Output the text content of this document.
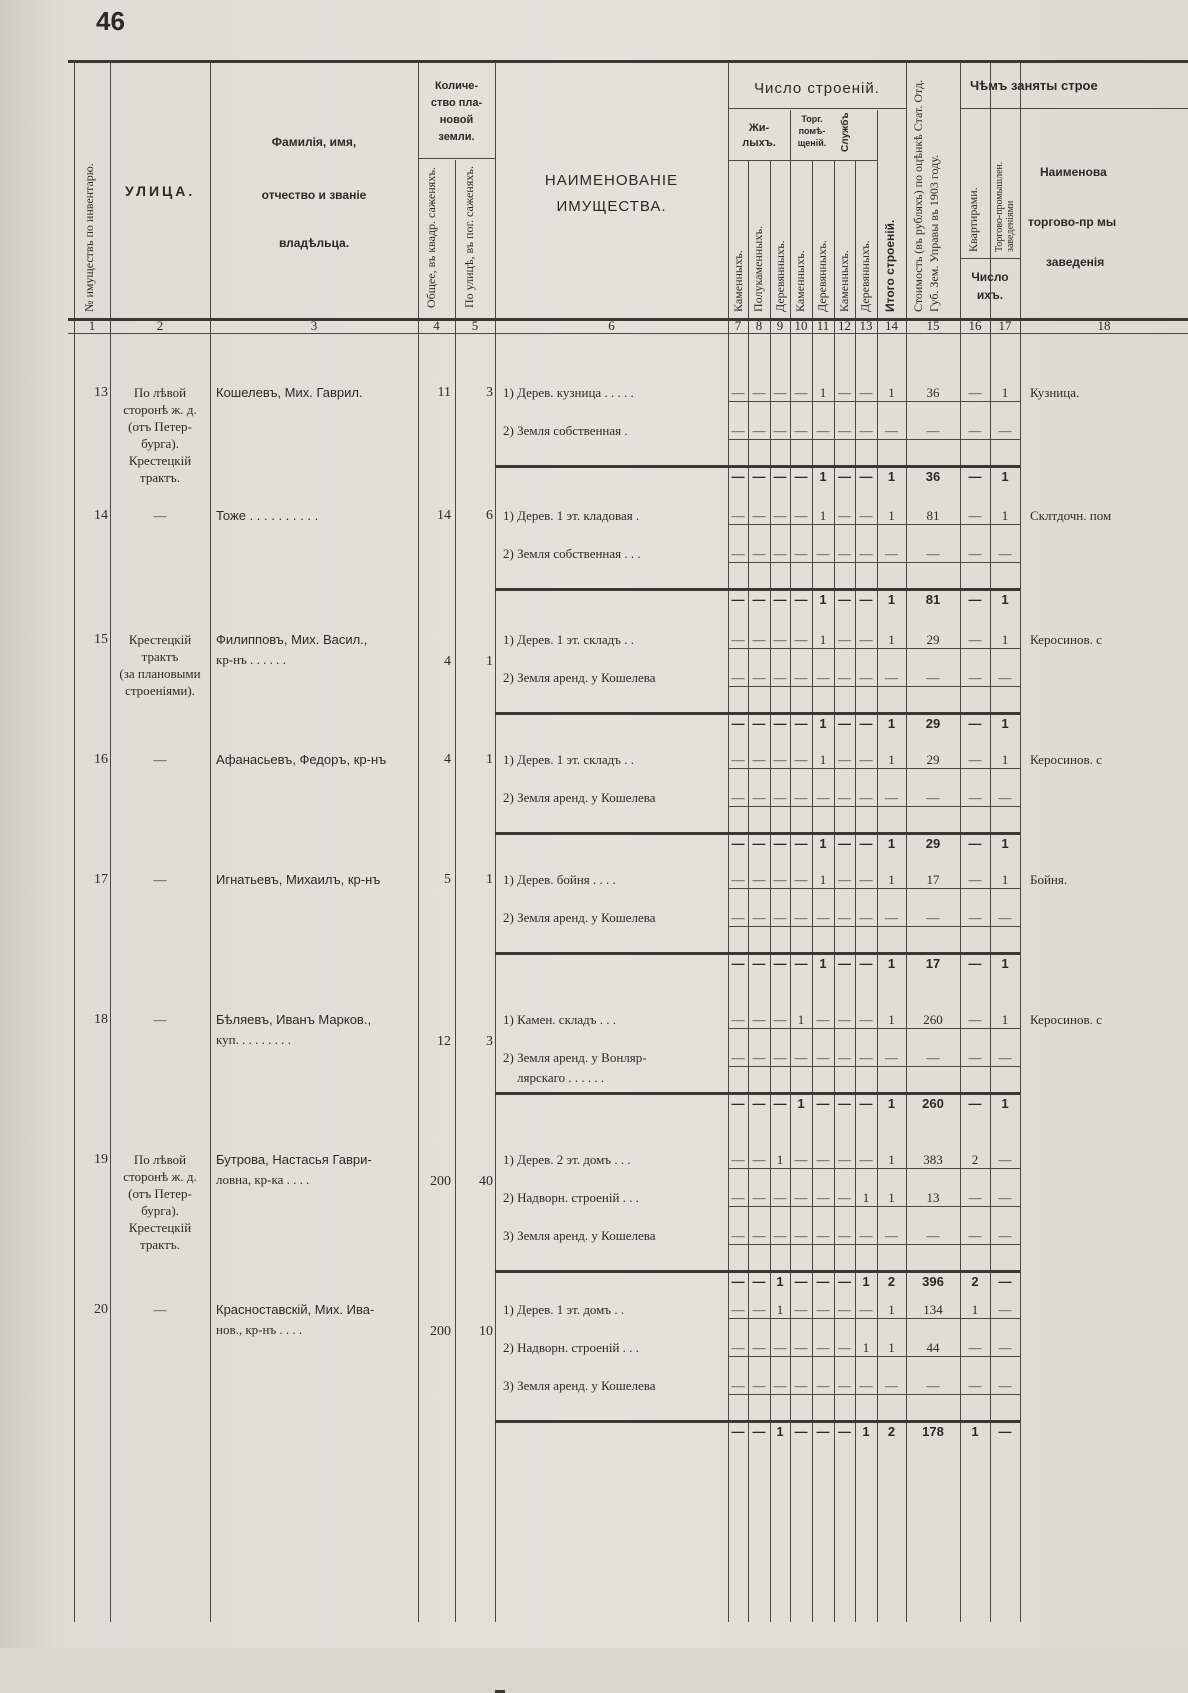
46
№ имуществъ по инвентарю. УЛИЦА.
Фамилія, имя,
отчество и званіе
владѣльца.
Количе-
ство пла-
новой
земли.
Общее, въ квадр. саженяхъ. По улицѣ, въ пог. саженяхъ.	НАИМЕНОВАНІЕ
ИМУЩЕСТВА.
Число строеній.
Жи-
лыхъ.
Торг.
помѣ-
щеній.	Службъ
Каменныхъ. Полукаменныхъ. Деревянныхъ. Каменныхъ. Деревянныхъ. Каменныхъ. Деревянныхъ. Итого строеній. Стоимость (въ рубляхъ) по оцѣнкѣ Стат. Отд. Губ. Зем. Управы въ 1903 году.
Чѣмъ заняты строе
Квартирами. Торгово-промышлен. заведеніями
Число
ихъ.
Наименова
торгово-пр мы
заведенія
1	2	3	4	5	6	7	8	9 10 11 12 13 14	15	16	17	18
13	По лѣвой
сторонѣ ж. д.
(отъ Петер-
бурга).
Крестецкій
трактъ.
Кошелевъ, Мих. Гаврил.	11	3 1) Дерев. кузница . . . . .	— — — — 1 — —	1	36	—	1	Кузница.
2) Земля собственная .	— — — — — — — —	—	—	—
— — — — 1 — —	1	36	—	1
14	—	Тоже . . . . . . . . . .	14	6 1) Дерев. 1 эт. кладовая .	— — — — 1 — —	1	81	—	1	Склтдочн. пом
2) Земля собственная . . .	— — — — — — — —	—	—	—
— — — — 1 — —	1	81	—	1
15	Крестецкій
трактъ
(за плановыми
строеніями).
Филипповъ, Мих. Васил.,
кр-нъ . . . . . .	4	1
1) Дерев. 1 эт. складъ . .	— — — — 1 — —	1	29	—	1	Керосинов. с
2) Земля аренд. у Кошелева	— — — — — — — —	—	—	—
— — — — 1 — —	1	29	—	1
16	—	Афанасьевъ, Федоръ, кр-нъ	4	1 1) Дерев. 1 эт. складъ . .	— — — — 1 — —	1	29	—	1	Керосинов. с
2) Земля аренд. у Кошелева	— — — — — — — —	—	—	—
— — — — 1 — —	1	29	—	1
17	—	Игнатьевъ, Михаилъ, кр-нъ	5	1 1) Дерев. бойня . . . .	— — — — 1 — —	1	17	—	1	Бойня.
2) Земля аренд. у Кошелева	— — — — — — — —	—	—	—
— — — — 1 — —	1	17	—	1
18	—	Бѣляевъ, Иванъ Марков.,
куп. . . . . . . . .	12	3
1) Камен. складъ . . .	— — — 1 — — —	1	260	—	1	Керосинов. с
2) Земля аренд. у Вонляр-
лярскаго . . . . . .
— — — — — — — —	—	—	—
— — — 1 — — —	1	260	—	1
19	По лѣвой
сторонѣ ж. д.
(отъ Петер-
бурга).
Крестецкій
трактъ.
Бутрова, Настасья Гаври-
ловна, кр-ка . . . .	200	40
1) Дерев. 2 эт. домъ . . .	— — 1 — — — —	1	383	2	—
2) Надворн. строеній . . .	— — — — — — 1	1	13	—	—
3) Земля аренд. у Кошелева	— — — — — — — —	—	—	—
— — 1 — — — 1	2	396	2	—
20	—	Красноставскій, Мих. Ива-
нов., кр-нъ . . . .	200	10
1) Дерев. 1 эт. домъ . .	— — 1 — — — —	1	134	1	—
2) Надворн. строеній . . .	— — — — — — 1	1	44	—	—
3) Земля аренд. у Кошелева	— — — — — — — —	—	—	—
— — 1 — — — 1	2	178	1	—
